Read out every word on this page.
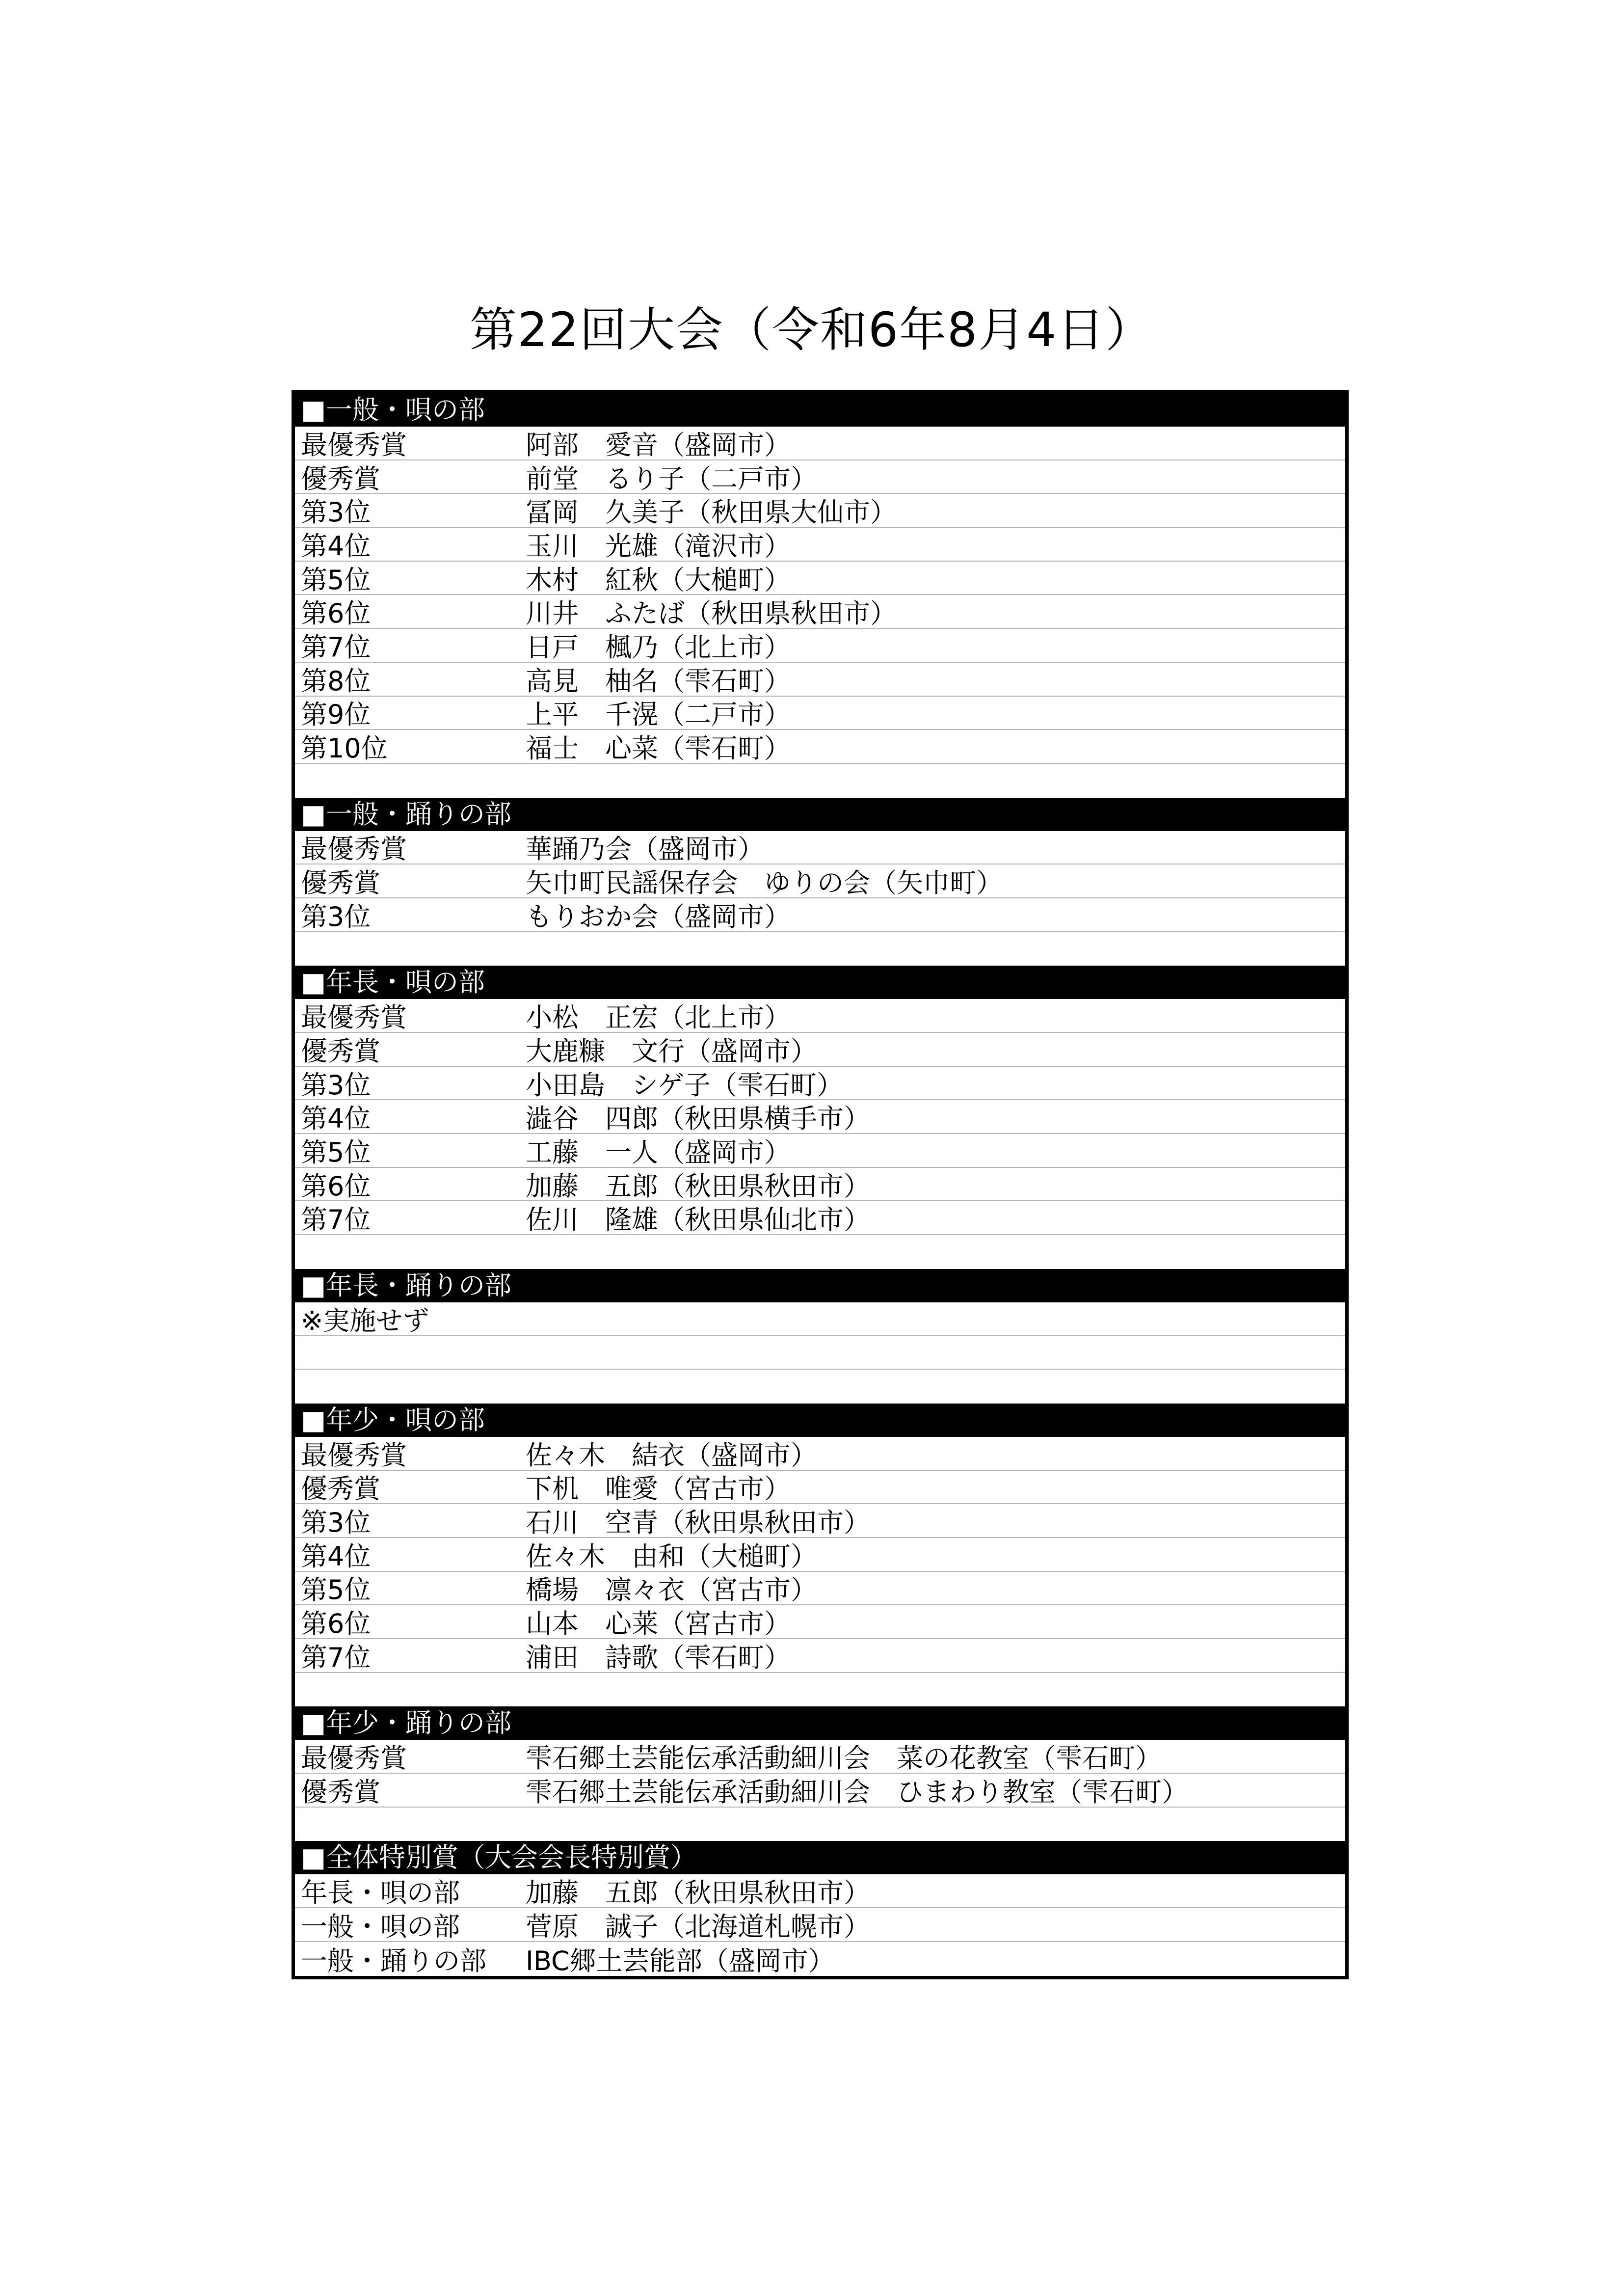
第22回大会（令和6年8月4日）
■一般・唄の部
最優秀賞	阿部　愛音（盛岡市）
優秀賞	前堂　るり子（二戸市）
第3位	冨岡　久美子（秋田県大仙市）
第4位	玉川　光雄（滝沢市）
第5位	木村　紅秋（大槌町）
第6位	川井　ふたば（秋田県秋田市）
第7位	日戸　楓乃（北上市）
第8位	高見　柚名（雫石町）
第9位	上平　千滉（二戸市）
第10位	福士　心菜（雫石町）
■一般・踊りの部
最優秀賞	華踊乃会（盛岡市）
優秀賞	矢巾町民謡保存会　ゆりの会（矢巾町）
第3位	もりおか会（盛岡市）
■年長・唄の部
最優秀賞	小松　正宏（北上市）
優秀賞	大鹿糠　文行（盛岡市）
第3位	小田島　シゲ子（雫石町）
第4位	澁谷　四郎（秋田県横手市）
第5位	工藤　一人（盛岡市）
第6位	加藤　五郎（秋田県秋田市）
第7位	佐川　隆雄（秋田県仙北市）
■年長・踊りの部
※実施せず
■年少・唄の部
最優秀賞	佐々木　結衣（盛岡市）
優秀賞	下机　唯愛（宮古市）
第3位	石川　空青（秋田県秋田市）
第4位	佐々木　由和（大槌町）
第5位	橋場　凛々衣（宮古市）
第6位	山本　心莱（宮古市）
第7位	浦田　詩歌（雫石町）
■年少・踊りの部
最優秀賞	雫石郷土芸能伝承活動細川会　菜の花教室（雫石町）
優秀賞	雫石郷土芸能伝承活動細川会　ひまわり教室（雫石町）
■全体特別賞（大会会長特別賞）
年長・唄の部	加藤　五郎（秋田県秋田市）
一般・唄の部	菅原　誠子（北海道札幌市）
一般・踊りの部	IBC郷土芸能部（盛岡市）
